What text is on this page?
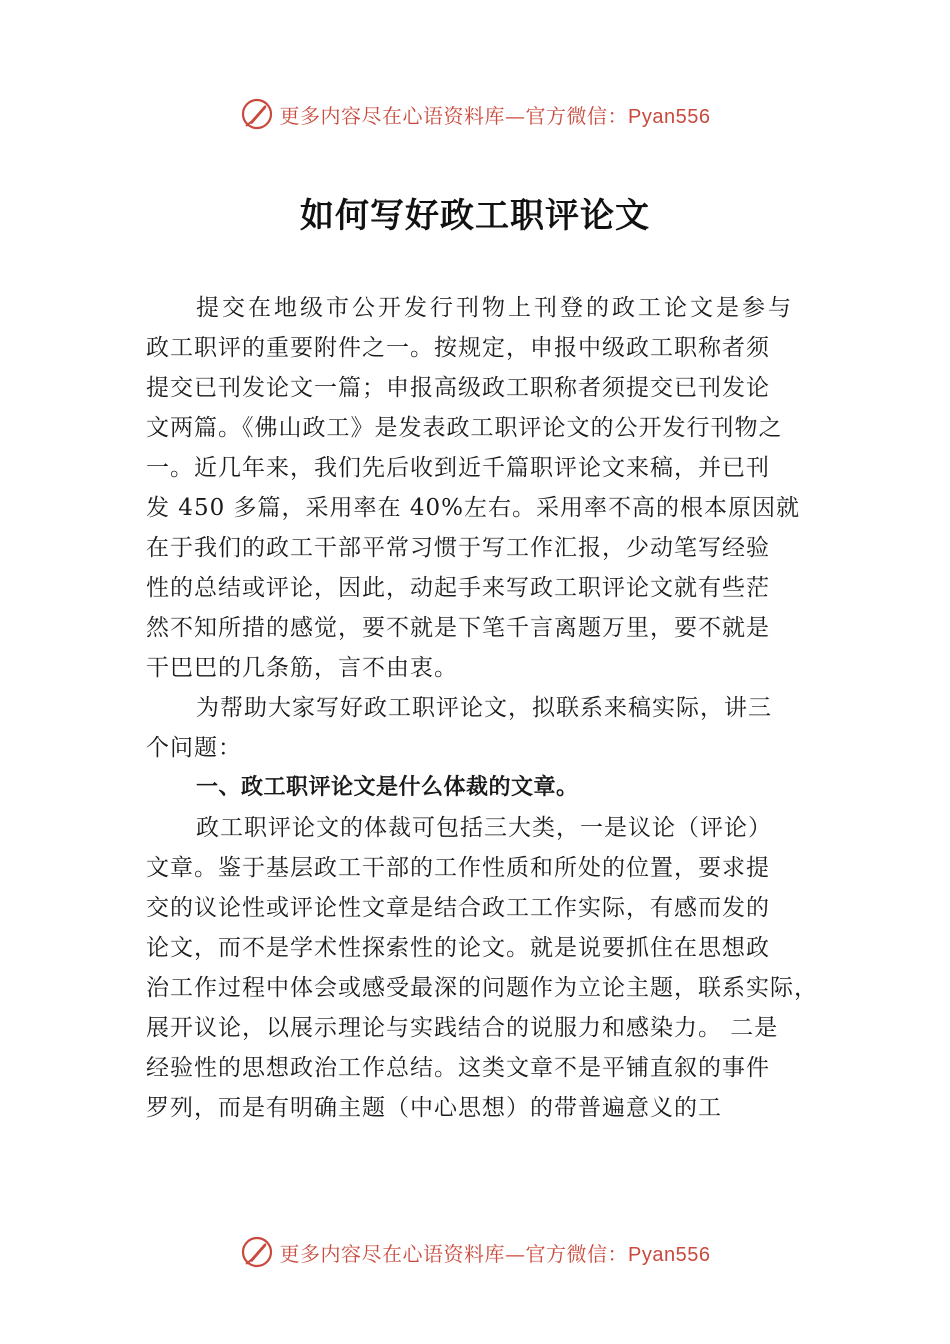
更多内容尽在心语资料库—官方微信：Pyan556
如何写好政工职评论文
提交在地级市公开发行刊物上刊登的政工论文是参与
政工职评的重要附件之一。按规定，申报中级政工职称者须
提交已刊发论文一篇；申报高级政工职称者须提交已刊发论
文两篇。《佛山政工》是发表政工职评论文的公开发行刊物之
一。近几年来，我们先后收到近千篇职评论文来稿，并已刊
发 450 多篇，采用率在 40%左右。采用率不高的根本原因就
在于我们的政工干部平常习惯于写工作汇报，少动笔写经验
性的总结或评论，因此，动起手来写政工职评论文就有些茫
然不知所措的感觉，要不就是下笔千言离题万里，要不就是
干巴巴的几条筋，言不由衷。
为帮助大家写好政工职评论文，拟联系来稿实际，讲三
个问题：
一、政工职评论文是什么体裁的文章。
政工职评论文的体裁可包括三大类，一是议论（评论）
文章。鉴于基层政工干部的工作性质和所处的位置，要求提
交的议论性或评论性文章是结合政工工作实际，有感而发的
论文，而不是学术性探索性的论文。就是说要抓住在思想政
治工作过程中体会或感受最深的问题作为立论主题，联系实际，
展开议论，以展示理论与实践结合的说服力和感染力。 二是
经验性的思想政治工作总结。这类文章不是平铺直叙的事件
罗列，而是有明确主题（中心思想）的带普遍意义的工
更多内容尽在心语资料库—官方微信：Pyan556
